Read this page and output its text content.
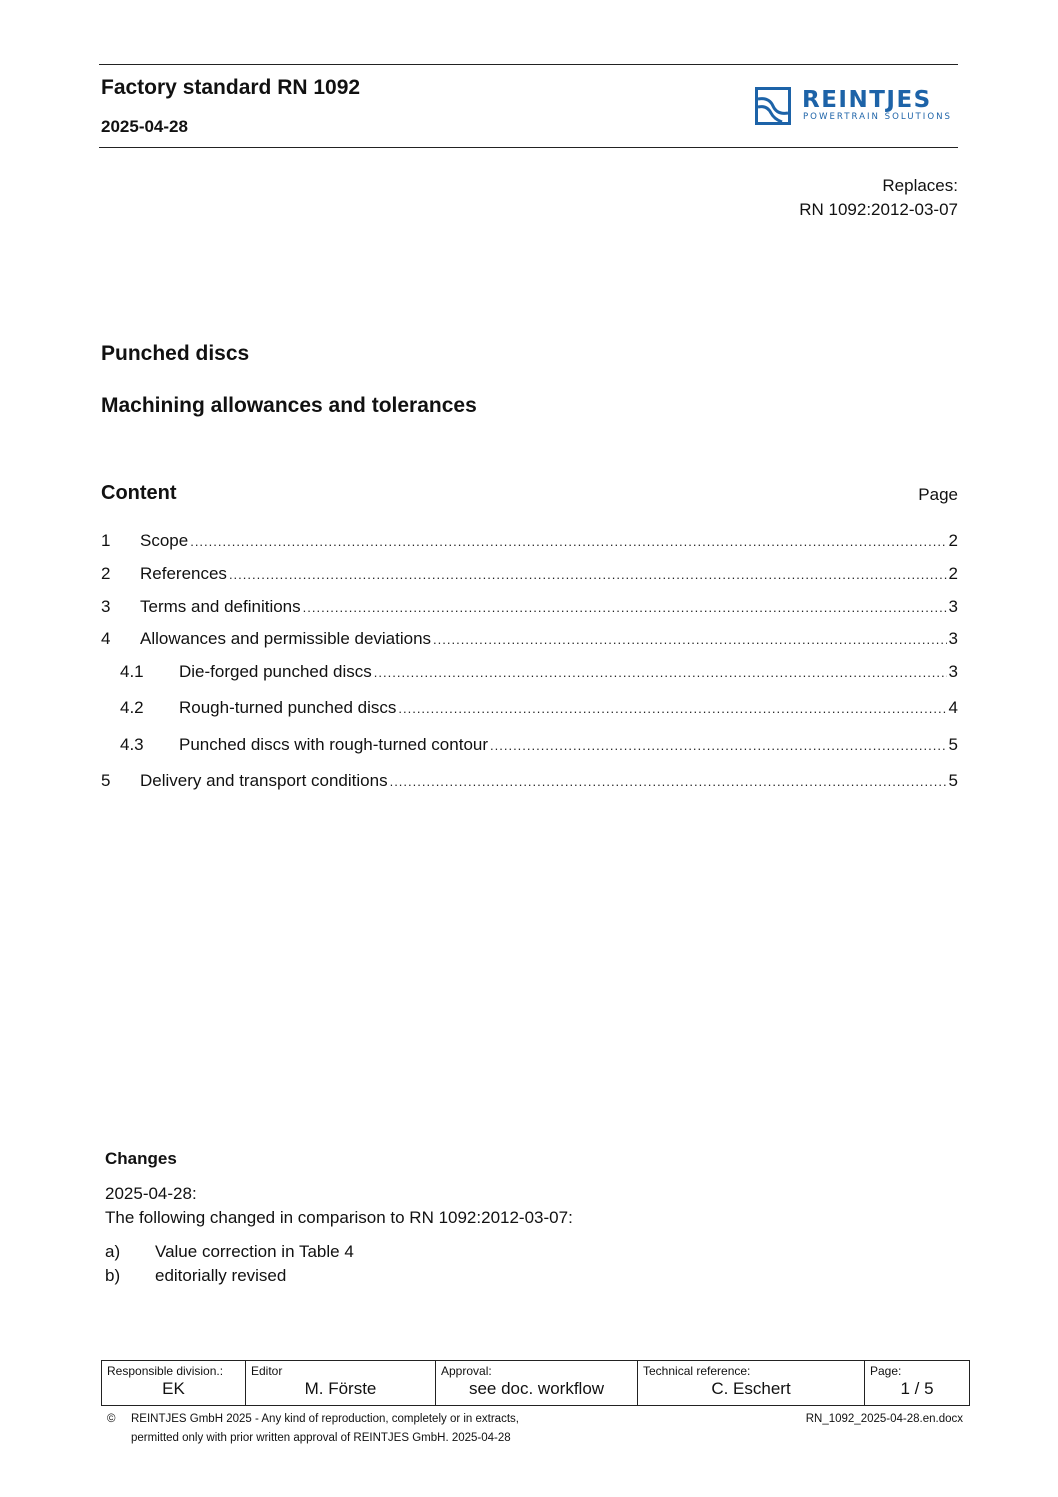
Factory standard RN 1092
2025-04-28
REINTJES
POWERTRAIN SOLUTIONS
Replaces:
RN 1092:2012-03-07
Punched discs
Machining allowances and tolerances
Content	Page
1	Scope .....	2
2	References .....	2
3	Terms and definitions .....	3
4	Allowances and permissible deviations .....	3
4.1	Die-forged punched discs .....	3
4.2	Rough-turned punched discs .....	4
4.3	Punched discs with rough-turned contour .....	5
5	Delivery and transport conditions .....	5
Changes
2025-04-28:
The following changed in comparison to RN 1092:2012-03-07:
a)	Value correction in Table 4
b)	editorially revised
Responsible division.:
EK

Editor
M. Förste

Approval:
see doc. workflow

Technical reference:
C. Eschert

Page:
1 / 5
© REINTJES GmbH 2025 - Any kind of reproduction, completely or in extracts,
permitted only with prior written approval of REINTJES GmbH. 2025-04-28
RN_1092_2025-04-28.en.docx
